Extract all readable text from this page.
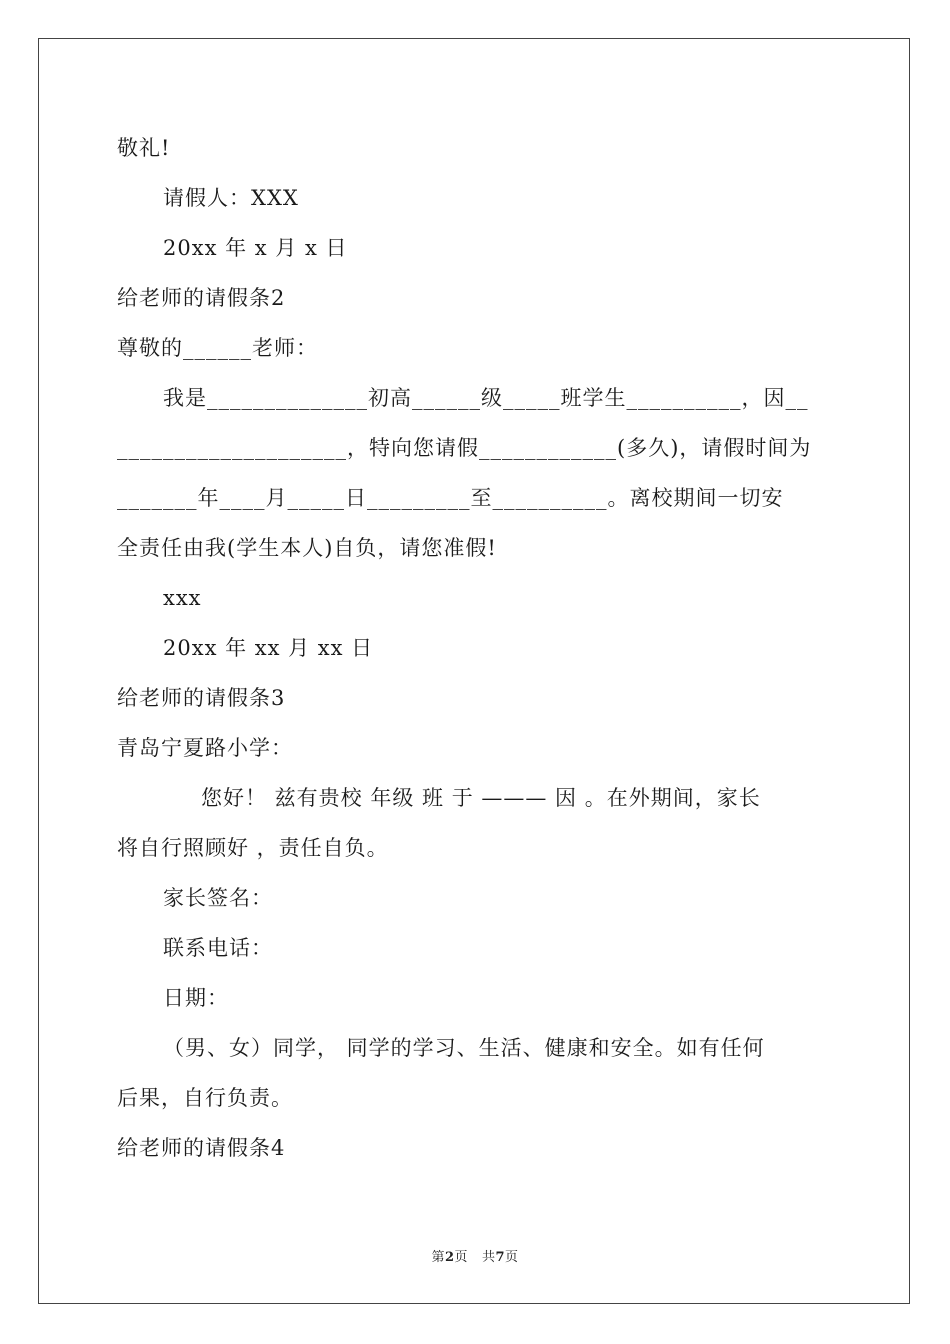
敬礼!
请假人：XXX
20xx 年 x 月 x 日
给老师的请假条2
尊敬的______老师：
我是______________初高______级_____班学生__________，因__
____________________，特向您请假____________(多久)，请假时间为
_______年____月_____日_________至__________。离校期间一切安
全责任由我(学生本人)自负，请您准假!
xxx
20xx 年 xx 月 xx 日
给老师的请假条3
青岛宁夏路小学：
您好！ 兹有贵校 年级 班 于 ——— 因 。在外期间，家长
将自行照顾好 ，责任自负。
家长签名：
联系电话：
日期：
（男、女）同学， 同学的学习、生活、健康和安全。如有任何
后果，自行负责。
给老师的请假条4
第2页 共7页
